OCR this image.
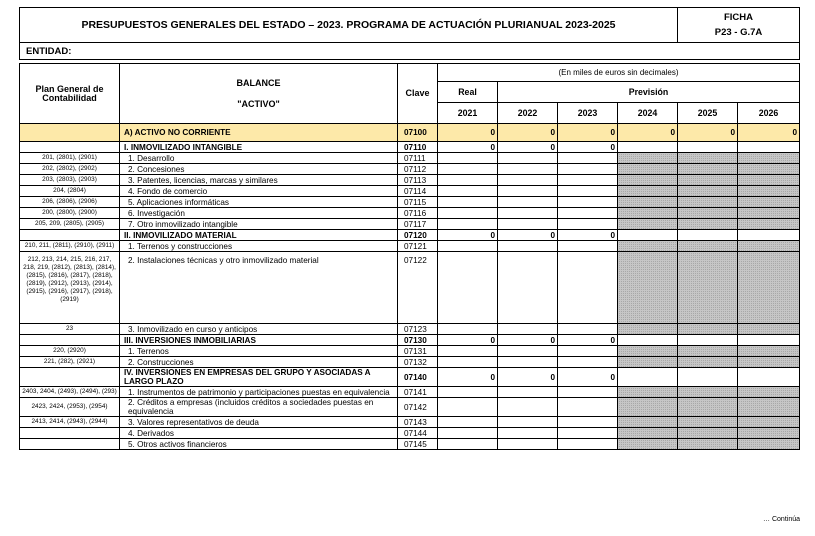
PRESUPUESTOS GENERALES DEL ESTADO – 2023. PROGRAMA DE ACTUACIÓN PLURIANUAL 2023-2025	
FICHA
P23 - G.7A

ENTIDAD:
Plan General de Contabilidad	BALANCE
"ACTIVO"	Clave	(En miles de euros sin decimales)					
			Real	Previsión				
			2021	2022	2023	2024	2025	2026
	A) ACTIVO NO CORRIENTE	07100	0	0	0	0	0	0
	I. INMOVILIZADO INTANGIBLE	07110	0	0	0			
201, (2801), (2901)	1. Desarrollo	07111						
202, (2802), (2902)	2. Concesiones	07112						
203, (2803), (2903)	3. Patentes, licencias, marcas y similares	07113						
204, (2804)	4. Fondo de comercio	07114						
206, (2806), (2906)	5. Aplicaciones informáticas	07115						
200, (2800), (2900)	6. Investigación	07116						
205, 209, (2805), (2905)	7. Otro inmovilizado intangible	07117						
	II. INMOVILIZADO MATERIAL	07120	0	0	0			
210, 211, (2811), (2910), (2911)	1. Terrenos y construcciones	07121						
212, 213, 214, 215, 216, 217, 218, 219, (2812), (2813), (2814), (2815), (2816), (2817), (2818), (2819), (2912), (2913), (2914), (2915), (2916), (2917), (2918), (2919)	2. Instalaciones técnicas y otro inmovilizado material	07122						
23	3. Inmovilizado en curso y anticipos	07123						
	III. INVERSIONES INMOBILIARIAS	07130	0	0	0			
220, (2920)	1. Terrenos	07131						
221, (282), (2921)	2. Construcciones	07132						
	IV. INVERSIONES EN EMPRESAS DEL GRUPO Y ASOCIADAS A LARGO PLAZO	07140	0	0	0			
2403, 2404, (2493), (2494), (293)	1. Instrumentos de patrimonio y participaciones puestas en equivalencia	07141						
2423, 2424, (2953), (2954)	2. Créditos a empresas (incluidos créditos a sociedades puestas en equivalencia	07142						
2413, 2414, (2943), (2944)	3. Valores representativos de deuda	07143						
	4. Derivados	07144						
	5. Otros activos financieros	07145						
… Continúa
